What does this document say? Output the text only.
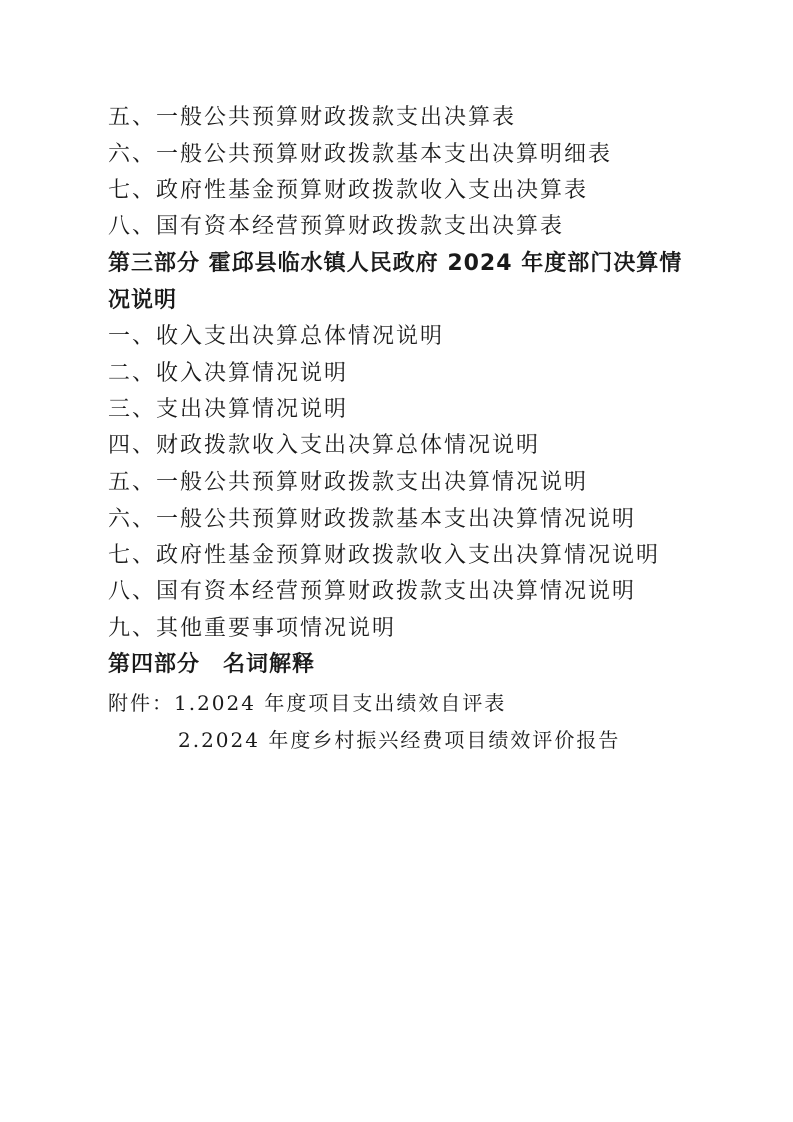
五、一般公共预算财政拨款支出决算表
六、一般公共预算财政拨款基本支出决算明细表
七、政府性基金预算财政拨款收入支出决算表
八、国有资本经营预算财政拨款支出决算表
第三部分 霍邱县临水镇人民政府 2024 年度部门决算情
况说明
一、收入支出决算总体情况说明
二、收入决算情况说明
三、支出决算情况说明
四、财政拨款收入支出决算总体情况说明
五、一般公共预算财政拨款支出决算情况说明
六、一般公共预算财政拨款基本支出决算情况说明
七、政府性基金预算财政拨款收入支出决算情况说明
八、国有资本经营预算财政拨款支出决算情况说明
九、其他重要事项情况说明
第四部分　名词解释
附件：1.2024 年度项目支出绩效自评表
2.2024 年度乡村振兴经费项目绩效评价报告
